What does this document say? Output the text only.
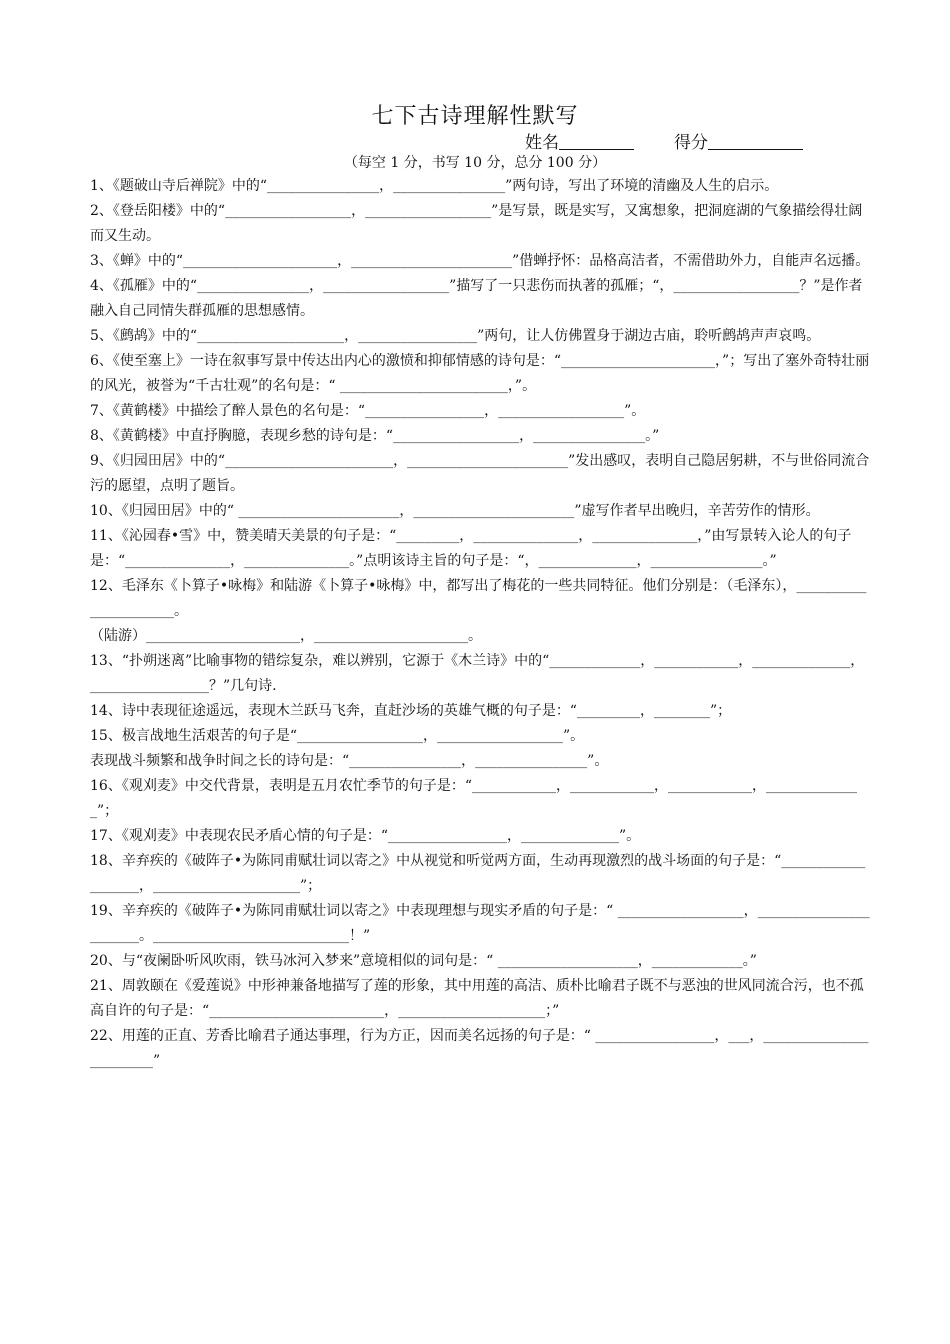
七下古诗理解性默写
姓名	得分
（每空 1 分，书写 10 分，总分 100 分）

1、《题破山寺后禅院》中的“________________，________________”两句诗，写出了环境的清幽及人生的启示。

2、《登岳阳楼》中的“__________________，__________________”是写景，既是实写，又寓想象，把洞庭湖的气象描绘得壮阔而又生动。

3、《蝉》中的“______________________，_______________________”借蝉抒怀：品格高洁者，不需借助外力，自能声名远播。

4、《孤雁》中的“________________，__________________”描写了一只悲伤而执著的孤雁；“，__________________？”是作者融入自己同情失群孤雁的思想感情。

5、《鹧鸪》中的“_____________________，_________________”两句，让人仿佛置身于湖边古庙，聆听鹧鸪声声哀鸣。

6、《使至塞上》一诗在叙事写景中传达出内心的激愤和抑郁情感的诗句是：“______________________，”；写出了塞外奇特壮丽的风光，被誉为“千古壮观”的名句是：“ ________________________，”。

7、《黄鹤楼》中描绘了醉人景色的名句是：“_________________，__________________”。

8、《黄鹤楼》中直抒胸臆，表现乡愁的诗句是：“__________________，________________。”

9、《归园田居》中的“________________________，_______________________”发出感叹，表明自己隐居躬耕，不与世俗同流合污的愿望，点明了题旨。

10、《归园田居》中的“ _______________________，_______________________”虚写作者早出晚归，辛苦劳作的情形。

11、《沁园春•雪》中，赞美晴天美景的句子是：“_________，_______________，_______________，”由写景转入论人的句子是：“_______________，_______________。”点明该诗主旨的句子是：“，______________，________________。”

12、毛泽东《卜算子•咏梅》和陆游《卜算子•咏梅》中，都写出了梅花的一些共同特征。他们分别是：（毛泽东），______________________。

（陆游）______________________，______________________。

13、“扑朔迷离”比喻事物的错综复杂，难以辨别，它源于《木兰诗》中的“_____________，____________，______________，_________________？”几句诗.

14、诗中表现征途遥远，表现木兰跃马飞奔，直赶沙场的英雄气概的句子是：“_________，________”；

15、极言战地生活艰苦的句子是“__________________，__________________”。

表现战斗频繁和战争时间之长的诗句是：“________________，________________”。

16、《观刈麦》中交代背景，表明是五月农忙季节的句子是：“____________，____________，____________，______________”；

17、《观刈麦》中表现农民矛盾心情的句子是：“_________________，______________”。

18、辛弃疾的《破阵子•为陈同甫赋壮词以寄之》中从视觉和听觉两方面，生动再现激烈的战斗场面的句子是：“___________________，_____________________”；

19、辛弃疾的《破阵子•为陈同甫赋壮词以寄之》中表现理想与现实矛盾的句子是：“ __________________，_______________________。____________________________！”

20、与“夜阑卧听风吹雨，铁马冰河入梦来”意境相似的词句是：“ ____________________，_____________。”

21、周敦颐在《爱莲说》中形神兼备地描写了莲的形象，其中用莲的高洁、质朴比喻君子既不与恶浊的世风同流合污，也不孤高自许的句子是：“_________________________，_____________________；”

22、用莲的正直、芳香比喻君子通达事理，行为方正，因而美名远扬的句子是：“ _________________，___，________________________”
